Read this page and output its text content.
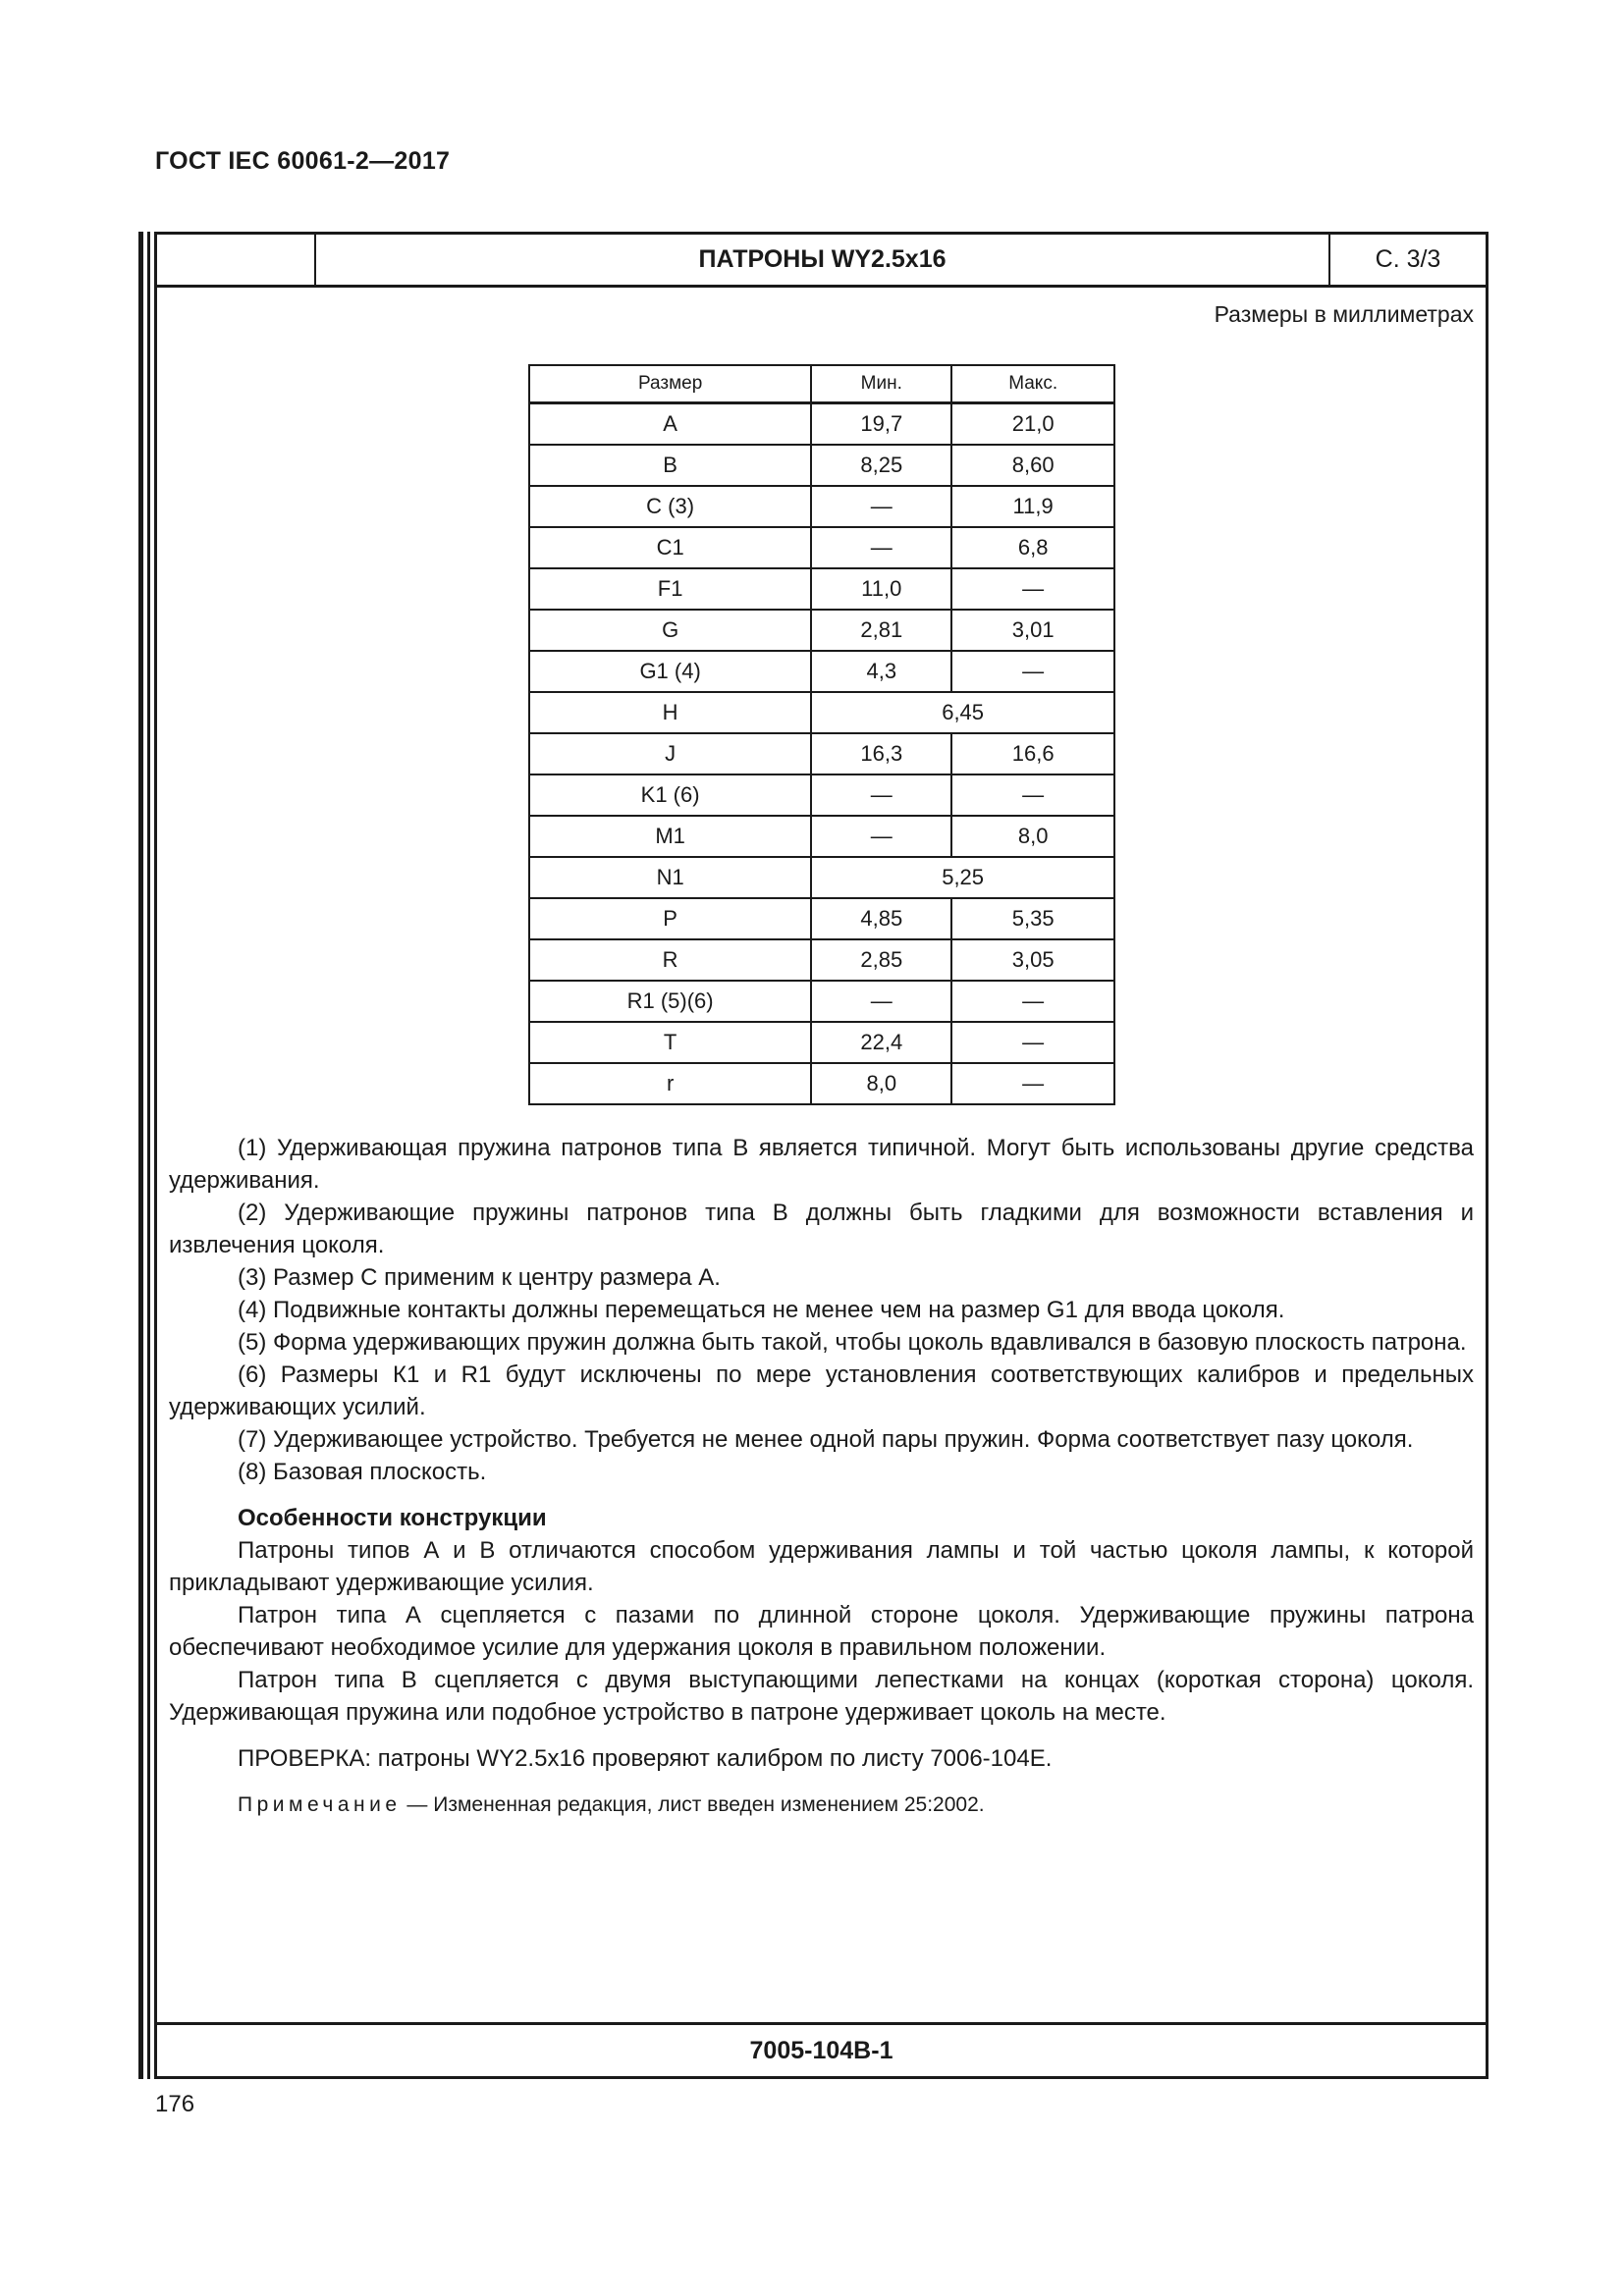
ГОСТ IEC 60061-2—2017
ПАТРОНЫ WY2.5x16	С. 3/3
Размеры в миллиметрах
Размер	Мин.	Макс.
A	19,7	21,0
B	8,25	8,60
C (3)	—	11,9
C1	—	6,8
F1	11,0	—
G	2,81	3,01
G1 (4)	4,3	—
H	6,45	
J	16,3	16,6
K1 (6)	—	—
M1	—	8,0
N1	5,25	
P	4,85	5,35
R	2,85	3,05
R1 (5)(6)	—	—
T	22,4	—
r	8,0	—

(1) Удерживающая пружина патронов типа В является типичной. Могут быть использованы другие средства удерживания.

(2) Удерживающие пружины патронов типа В должны быть гладкими для возможности вставления и извлечения цоколя.

(3) Размер С применим к центру размера А.

(4) Подвижные контакты должны перемещаться не менее чем на размер G1 для ввода цоколя.

(5) Форма удерживающих пружин должна быть такой, чтобы цоколь вдавливался в базовую плоскость патрона.

(6) Размеры К1 и R1 будут исключены по мере установления соответствующих калибров и предельных удерживающих усилий.

(7) Удерживающее устройство. Требуется не менее одной пары пружин. Форма соответствует пазу цоколя.

(8) Базовая плоскость.

Особенности конструкции

Патроны типов А и В отличаются способом удерживания лампы и той частью цоколя лампы, к которой прикладывают удерживающие усилия.

Патрон типа А сцепляется с пазами по длинной стороне цоколя. Удерживающие пружины патрона обеспечивают необходимое усилие для удержания цоколя в правильном положении.

Патрон типа В сцепляется с двумя выступающими лепестками на концах (короткая сторона) цоколя. Удерживающая пружина или подобное устройство в патроне удерживает цоколь на месте.

ПРОВЕРКА: патроны WY2.5x16 проверяют калибром по листу 7006-104Е.

Примечание — Измененная редакция, лист введен изменением 25:2002.

7005-104B-1
176
